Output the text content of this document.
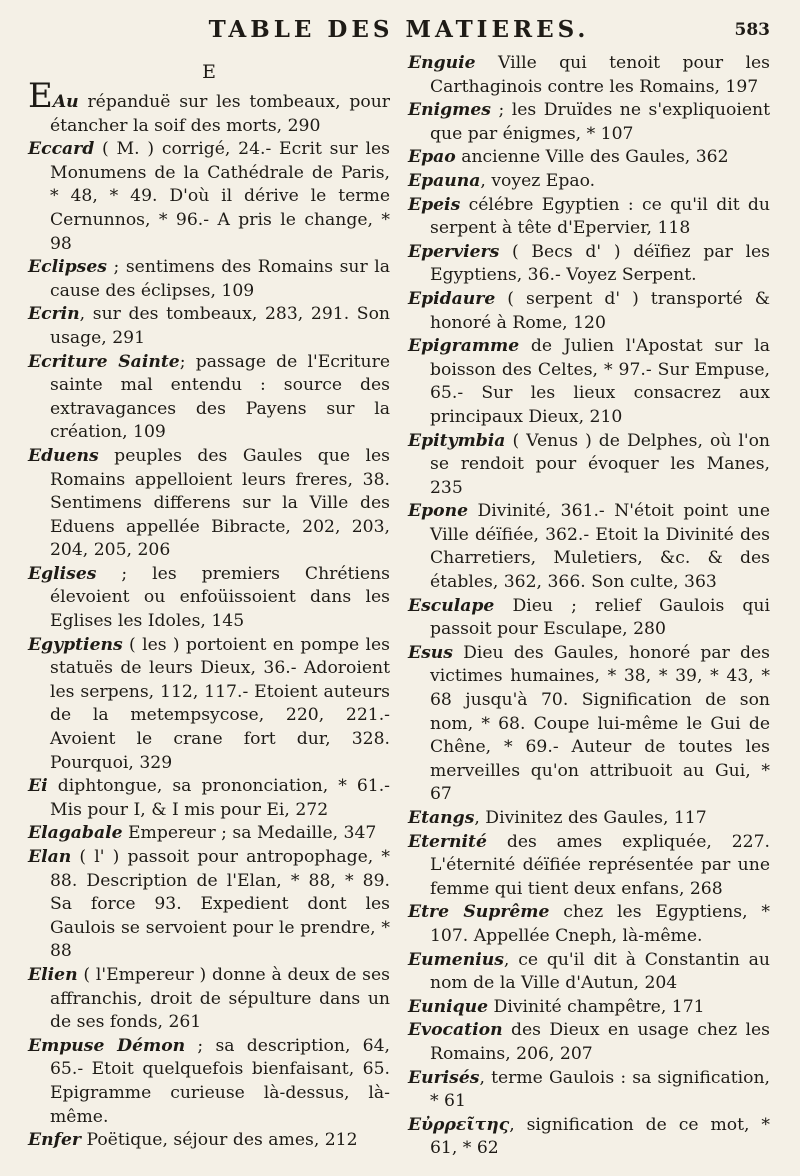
TABLE DES MATIERES.	583
E

EAu répanduë sur les tombeaux, pour étancher la soif des morts, 290

Eccard ( M. ) corrigé, 24.- Ecrit sur les Monumens de la Cathédrale de Paris, * 48, * 49. D'où il dérive le terme Cernunnos, * 96.- A pris le change, * 98

Eclipses ; sentimens des Romains sur la cause des éclipses, 109

Ecrin, sur des tombeaux, 283, 291. Son usage, 291

Ecriture Sainte; passage de l'Ecriture sainte mal entendu : source des extravagances des Payens sur la création, 109

Eduens peuples des Gaules que les Romains appelloient leurs freres, 38. Sentimens differens sur la Ville des Eduens appellée Bibracte, 202, 203, 204, 205, 206

Eglises ; les premiers Chrétiens élevoient ou enfoüissoient dans les Eglises les Idoles, 145

Egyptiens ( les ) portoient en pompe les statuës de leurs Dieux, 36.- Adoroient les serpens, 112, 117.- Etoient auteurs de la metempsycose, 220, 221.- Avoient le crane fort dur, 328. Pourquoi, 329

Ei diphtongue, sa prononciation, * 61.- Mis pour I, & I mis pour Ei, 272

Elagabale Empereur ; sa Medaille, 347

Elan ( l' ) passoit pour antropophage, * 88. Description de l'Elan, * 88, * 89. Sa force 93. Expedient dont les Gaulois se servoient pour le prendre, * 88

Elien ( l'Empereur ) donne à deux de ses affranchis, droit de sépulture dans un de ses fonds, 261

Empuse Démon ; sa description, 64, 65.- Etoit quelquefois bienfaisant, 65. Epigramme curieuse là-dessus, là-même.

Enfer Poëtique, séjour des ames, 212

Enguie Ville qui tenoit pour les Carthaginois contre les Romains, 197

Enigmes ; les Druïdes ne s'expliquoient que par énigmes, * 107

Epao ancienne Ville des Gaules, 362

Epauna, voyez Epao.

Epeis célébre Egyptien : ce qu'il dit du serpent à tête d'Epervier, 118

Eperviers ( Becs d' ) déïfiez par les Egyptiens, 36.- Voyez Serpent.

Epidaure ( serpent d' ) transporté & honoré à Rome, 120

Epigramme de Julien l'Apostat sur la boisson des Celtes, * 97.- Sur Empuse, 65.- Sur les lieux consacrez aux principaux Dieux, 210

Epitymbia ( Venus ) de Delphes, où l'on se rendoit pour évoquer les Manes, 235

Epone Divinité, 361.- N'étoit point une Ville déïfiée, 362.- Etoit la Divinité des Charretiers, Muletiers, &c. & des étables, 362, 366. Son culte, 363

Esculape Dieu ; relief Gaulois qui passoit pour Esculape, 280

Esus Dieu des Gaules, honoré par des victimes humaines, * 38, * 39, * 43, * 68 jusqu'à 70. Signification de son nom, * 68. Coupe lui-même le Gui de Chêne, * 69.- Auteur de toutes les merveilles qu'on attribuoit au Gui, * 67

Etangs, Divinitez des Gaules, 117

Eternité des ames expliquée, 227. L'éternité déïfiée représentée par une femme qui tient deux enfans, 268

Etre Suprême chez les Egyptiens, * 107. Appellée Cneph, là-même.

Eumenius, ce qu'il dit à Constantin au nom de la Ville d'Autun, 204

Eunique Divinité champêtre, 171

Evocation des Dieux en usage chez les Romains, 206, 207

Eurisés, terme Gaulois : sa signification, * 61

Εὐρρεῖτης, signification de ce mot, * 61, * 62
